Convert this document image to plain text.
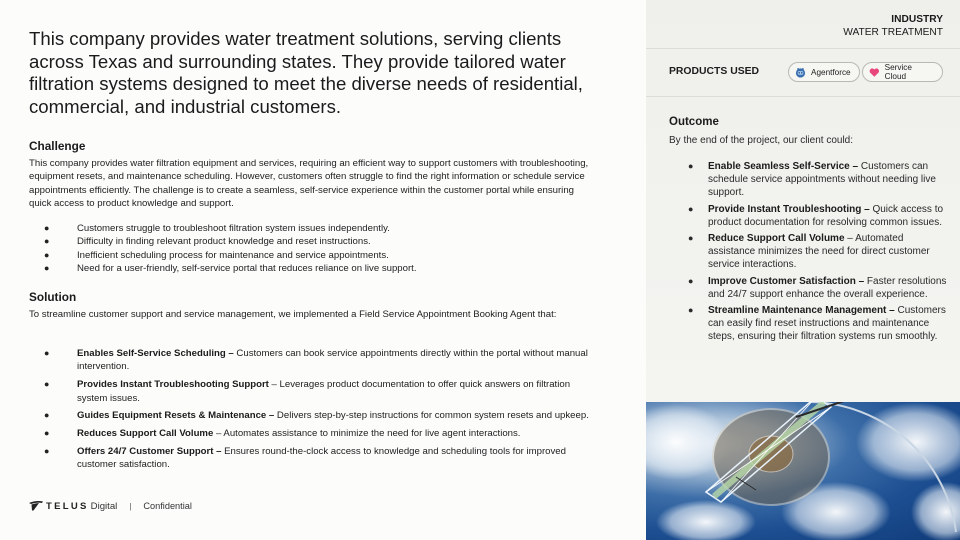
This company provides water treatment solutions, serving clients across Texas and surrounding states. They provide tailored water filtration systems designed to meet the diverse needs of residential, commercial, and industrial customers.

Challenge

This company provides water filtration equipment and services, requiring an efficient way to support customers with troubleshooting, equipment resets, and maintenance scheduling. However, customers often struggle to find the right information or schedule service appointments efficiently. The challenge is to create a seamless, self-service experience within the customer portal while ensuring quick access to product knowledge and support.

●	Customers struggle to troubleshoot filtration system issues independently.
●	Difficulty in finding relevant product knowledge and reset instructions.
●	Inefficient scheduling process for maintenance and service appointments.
●	Need for a user-friendly, self-service portal that reduces reliance on live support.
Solution

To streamline customer support and service management, we implemented a Field Service Appointment Booking Agent that:

●	Enables Self-Service Scheduling – Customers can book service appointments directly within the portal without manual intervention.
●	Provides Instant Troubleshooting Support – Leverages product documentation to offer quick answers on filtration system issues.
●	Guides Equipment Resets & Maintenance – Delivers step-by-step instructions for common system resets and upkeep.
●	Reduces Support Call Volume – Automates assistance to minimize the need for live agent interactions.
●	Offers 24/7 Customer Support – Ensures round-the-clock access to knowledge and scheduling tools for improved customer satisfaction.
TELUS Digital | Confidential
INDUSTRY
WATER TREATMENT
PRODUCTS USED	Agentforce	Service Cloud
Outcome

By the end of the project, our client could:

● Enable Seamless Self-Service – Customers can schedule service appointments without needing live support.
● Provide Instant Troubleshooting – Quick access to product documentation for resolving common issues.
● Reduce Support Call Volume – Automated assistance minimizes the need for direct customer service interactions.
● Improve Customer Satisfaction – Faster resolutions and 24/7 support enhance the overall experience.
● Streamline Maintenance Management – Customers can easily find reset instructions and maintenance steps, ensuring their filtration systems run smoothly.
